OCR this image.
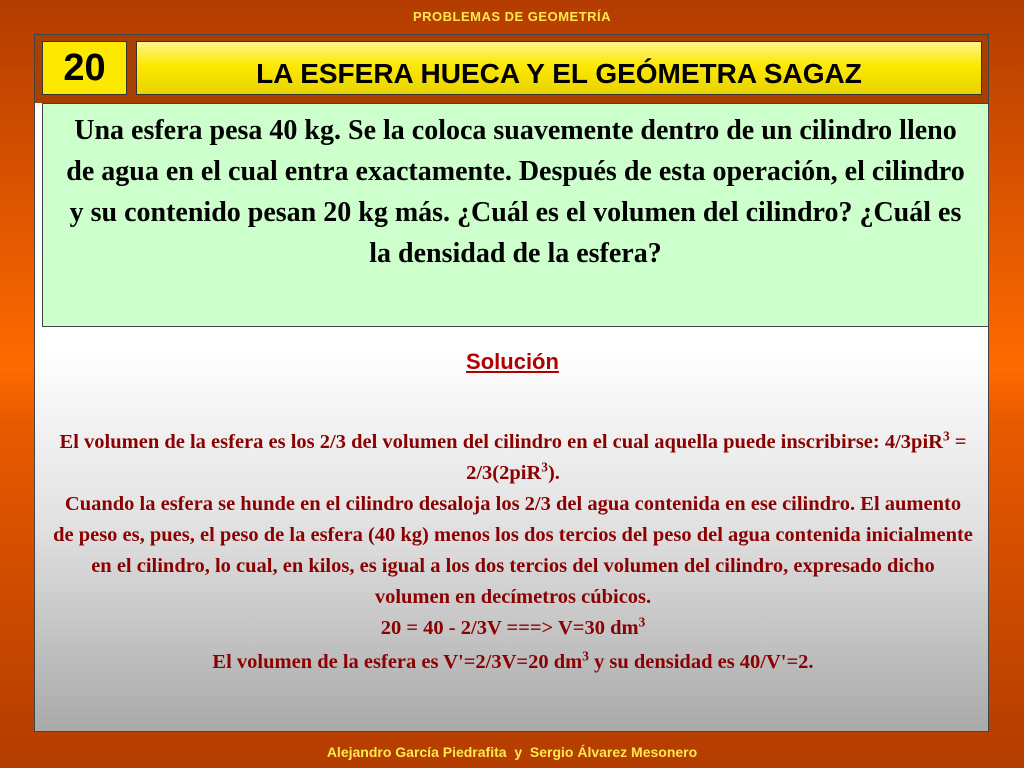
PROBLEMAS DE GEOMETRÍA
20	LA ESFERA HUECA Y EL GEÓMETRA SAGAZ
Una esfera pesa 40 kg. Se la coloca suavemente dentro de un cilindro lleno de agua en el cual entra exactamente. Después de esta operación, el cilindro y su contenido pesan 20 kg más. ¿Cuál es el volumen del cilindro? ¿Cuál es la densidad de la esfera?
Solución

El volumen de la esfera es los 2/3 del volumen del cilindro en el cual aquella puede inscribirse: 4/3piR$^3$ = 2/3(2piR$^3$).

Cuando la esfera se hunde en el cilindro desaloja los 2/3 del agua contenida en ese cilindro. El aumento de peso es, pues, el peso de la esfera (40 kg) menos los dos tercios del peso del agua contenida inicialmente en el cilindro, lo cual, en kilos, es igual a los dos tercios del volumen del cilindro, expresado dicho volumen en decímetros cúbicos.

20 = 40 - 2/3V ===> V=30 $dm^3$

El volumen de la esfera es V'=2/3V=20 $dm^3$ y su densidad es 40/V'=2.

Alejandro García Piedrafita  y  Sergio Álvarez Mesonero
